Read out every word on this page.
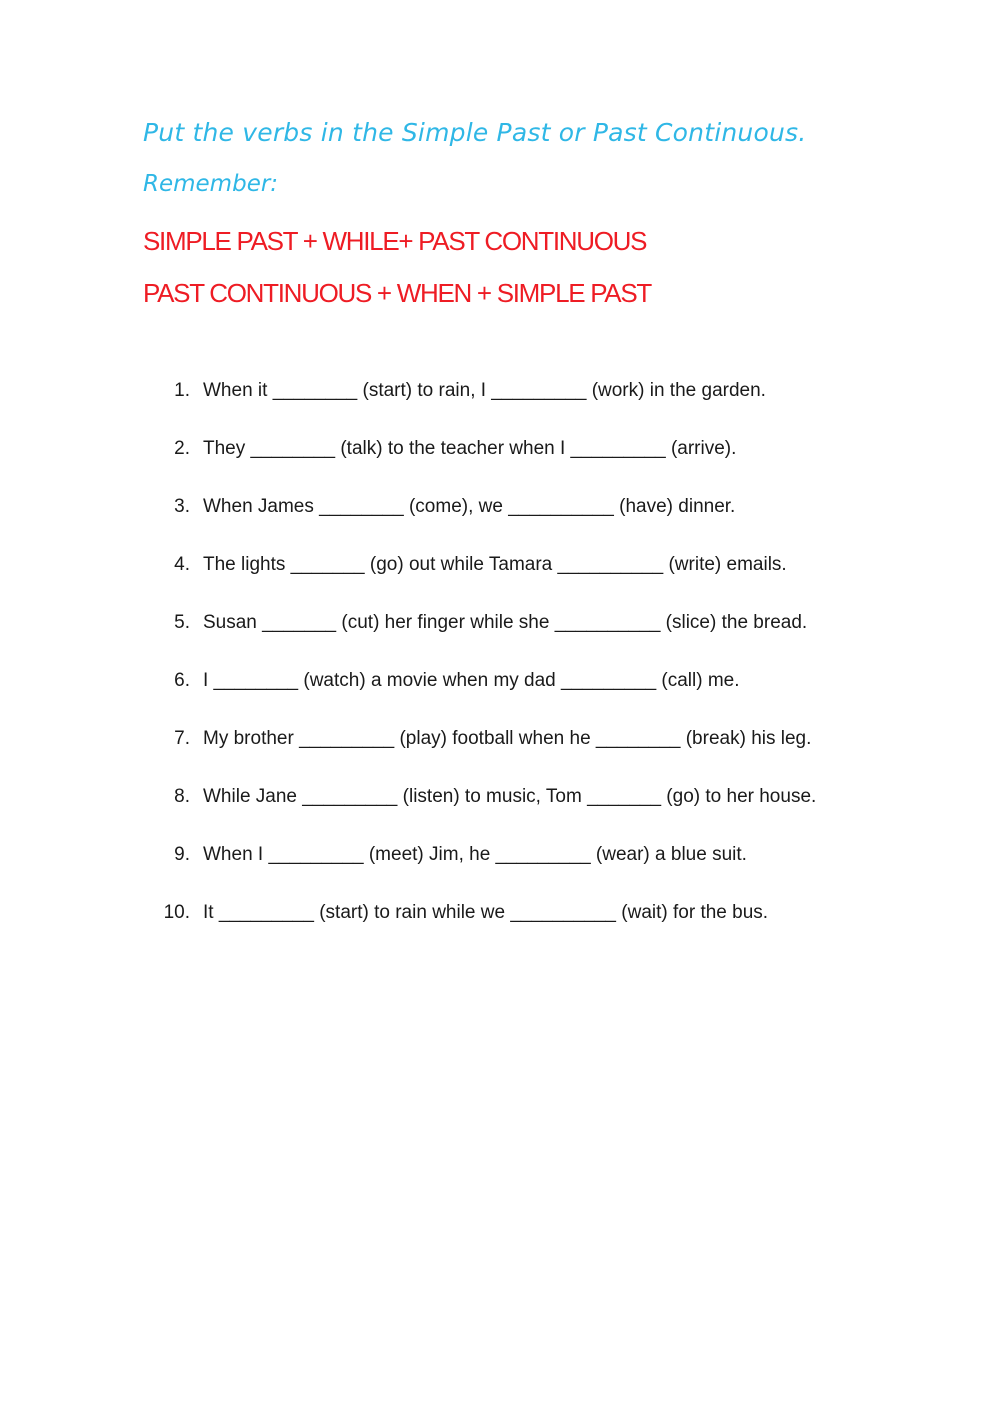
Put the verbs in the Simple Past or Past Continuous.
Remember:
SIMPLE PAST + WHILE+ PAST CONTINUOUS
PAST CONTINUOUS + WHEN + SIMPLE PAST
1. When it ________ (start) to rain, I _________ (work) in the garden.
2. They ________ (talk) to the teacher when I _________ (arrive).
3. When James ________ (come), we __________ (have) dinner.
4. The lights _______ (go) out while Tamara __________ (write) emails.
5. Susan _______ (cut) her finger while she __________ (slice) the bread.
6. I ________ (watch) a movie when my dad _________ (call) me.
7. My brother _________ (play) football when he ________ (break) his leg.
8. While Jane _________ (listen) to music, Tom _______ (go) to her house.
9. When I _________ (meet) Jim, he _________ (wear) a blue suit.
10. It _________ (start) to rain while we __________ (wait) for the bus.
